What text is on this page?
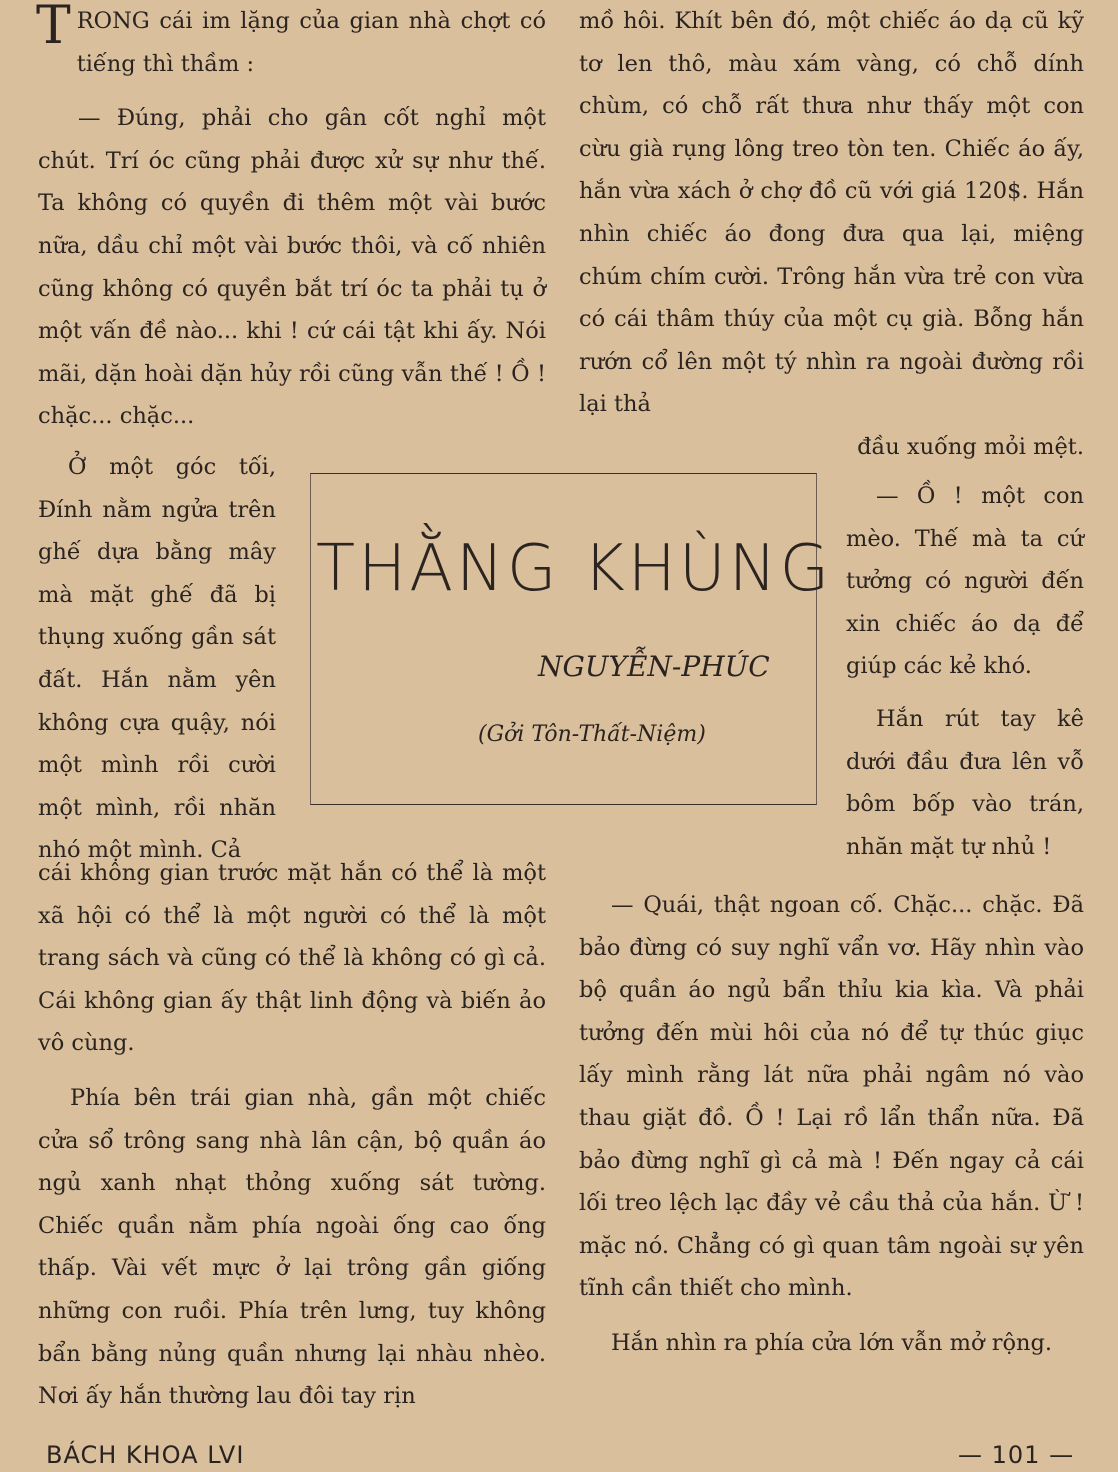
TRONG cái im lặng của gian nhà chợt có tiếng thì thầm :

— Đúng, phải cho gân cốt nghỉ một chút. Trí óc cũng phải được xử sự như thế. Ta không có quyền đi thêm một vài bước nữa, dầu chỉ một vài bước thôi, và cố nhiên cũng không có quyền bắt trí óc ta phải tụ ở một vấn đề nào... khi ! cứ cái tật khi ấy. Nói mãi, dặn hoài dặn hủy rồi cũng vẫn thế ! Ồ ! chặc... chặc...

Ở một góc tối, Đính nằm ngửa trên ghế dựa bằng mây mà mặt ghế đã bị thụng xuống gần sát đất. Hắn nằm yên không cựa quậy, nói một mình rồi cười một mình, rồi nhăn nhó một mình. Cả

THẰNG KHÙNG
NGUYỄN-PHÚC
(Gởi Tôn-Thất-Niệm)

cái không gian trước mặt hắn có thể là một xã hội có thể là một người có thể là một trang sách và cũng có thể là không có gì cả. Cái không gian ấy thật linh động và biến ảo vô cùng.

Phía bên trái gian nhà, gần một chiếc cửa sổ trông sang nhà lân cận, bộ quần áo ngủ xanh nhạt thỏng xuống sát tường. Chiếc quần nằm phía ngoài ống cao ống thấp. Vài vết mực ở lại trông gần giống những con ruồi. Phía trên lưng, tuy không bẩn bằng nủng quần nhưng lại nhàu nhèo. Nơi ấy hắn thường lau đôi tay rịn

mồ hôi. Khít bên đó, một chiếc áo dạ cũ kỹ tơ len thô, màu xám vàng, có chỗ dính chùm, có chỗ rất thưa như thấy một con cừu già rụng lông treo tòn ten. Chiếc áo ấy, hắn vừa xách ở chợ đồ cũ với giá 120$. Hắn nhìn chiếc áo đong đưa qua lại, miệng chúm chím cười. Trông hắn vừa trẻ con vừa có cái thâm thúy của một cụ già. Bỗng hắn rướn cổ lên một tý nhìn ra ngoài đường rồi lại thả

đầu xuống mỏi mệt.

— Ồ ! một con mèo. Thế mà ta cứ tưởng có người đến xin chiếc áo dạ để giúp các kẻ khó.

Hắn rút tay kê dưới đầu đưa lên vỗ bôm bốp vào trán, nhăn mặt tự nhủ !

— Quái, thật ngoan cố. Chặc... chặc. Đã bảo đừng có suy nghĩ vẩn vơ. Hãy nhìn vào bộ quần áo ngủ bẩn thỉu kia kìa. Và phải tưởng đến mùi hôi của nó để tự thúc giục lấy mình rằng lát nữa phải ngâm nó vào thau giặt đồ. Ồ ! Lại rồ lẩn thẩn nữa. Đã bảo đừng nghĩ gì cả mà ! Đến ngay cả cái lối treo lệch lạc đầy vẻ cầu thả của hắn. Ừ ! mặc nó. Chẳng có gì quan tâm ngoài sự yên tĩnh cần thiết cho mình.

Hắn nhìn ra phía cửa lớn vẫn mở rộng.

BÁCH KHOA LVI	— 101 —
